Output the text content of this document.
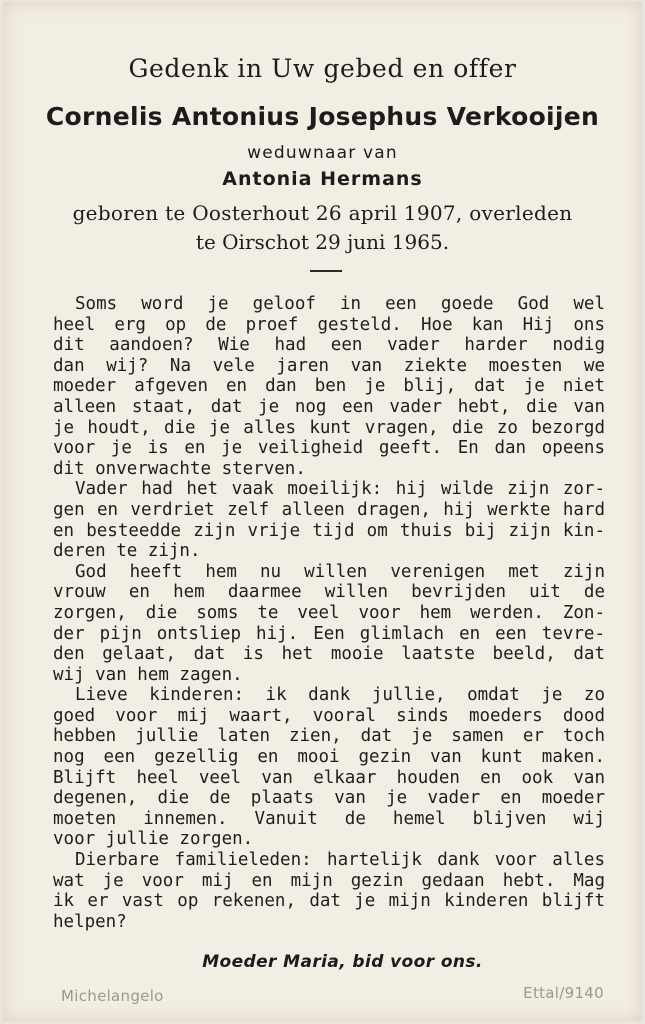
Gedenk in Uw gebed en offer
Cornelis Antonius Josephus Verkooijen
weduwnaar van
Antonia Hermans
geboren te Oosterhout 26 april 1907, overleden
te Oirschot 29 juni 1965.
Soms word je geloof in een goede God wel
heel erg op de proef gesteld. Hoe kan Hij ons
dit aandoen? Wie had een vader harder nodig
dan wij? Na vele jaren van ziekte moesten we
moeder afgeven en dan ben je blij, dat je niet
alleen staat, dat je nog een vader hebt, die van
je houdt, die je alles kunt vragen, die zo bezorgd
voor je is en je veiligheid geeft. En dan opeens
dit onverwachte sterven.
Vader had het vaak moeilijk: hij wilde zijn zor-
gen en verdriet zelf alleen dragen, hij werkte hard
en besteedde zijn vrije tijd om thuis bij zijn kin-
deren te zijn.
God heeft hem nu willen verenigen met zijn
vrouw en hem daarmee willen bevrijden uit de
zorgen, die soms te veel voor hem werden. Zon-
der pijn ontsliep hij. Een glimlach en een tevre-
den gelaat, dat is het mooie laatste beeld, dat
wij van hem zagen.
Lieve kinderen: ik dank jullie, omdat je zo
goed voor mij waart, vooral sinds moeders dood
hebben jullie laten zien, dat je samen er toch
nog een gezellig en mooi gezin van kunt maken.
Blijft heel veel van elkaar houden en ook van
degenen, die de plaats van je vader en moeder
moeten innemen. Vanuit de hemel blijven wij
voor jullie zorgen.
Dierbare familieleden: hartelijk dank voor alles
wat je voor mij en mijn gezin gedaan hebt. Mag
ik er vast op rekenen, dat je mijn kinderen blijft
helpen?
Moeder Maria, bid voor ons.
Michelangelo	Ettal/9140
